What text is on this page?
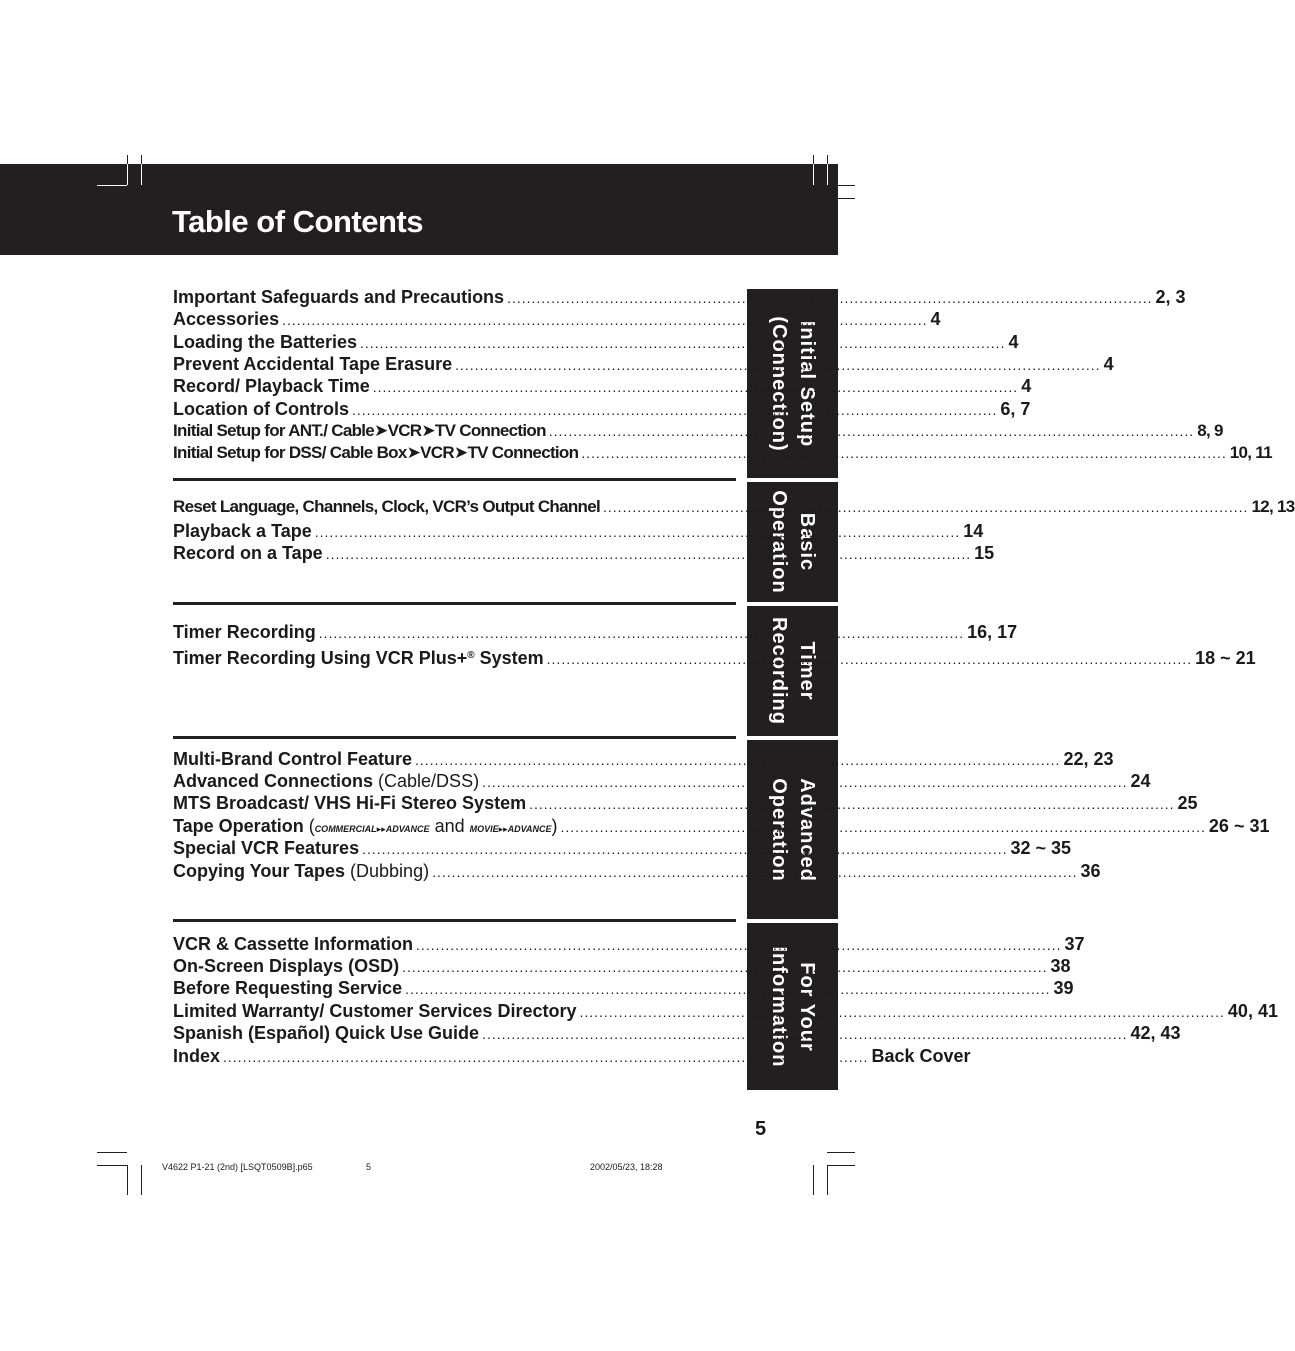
Table of Contents
Initial Setup
(Connection)
Basic
Operation
Timer
Recording
Advanced
Operation
For Your
Information
Important Safeguards and Precautions .................................................................................................................................... 2, 3
Accessories .................................................................................................................................... 4
Loading the Batteries .................................................................................................................................... 4
Prevent Accidental Tape Erasure .................................................................................................................................... 4
Record/ Playback Time .................................................................................................................................... 4
Location of Controls .................................................................................................................................... 6, 7
Initial Setup for ANT./ Cable➤VCR➤TV Connection .................................................................................................................................... 8, 9
Initial Setup for DSS/ Cable Box➤VCR➤TV Connection .................................................................................................................................... 10, 11
Reset Language, Channels, Clock, VCR’s Output Channel .................................................................................................................................... 12, 13
Playback a Tape .................................................................................................................................... 14
Record on a Tape .................................................................................................................................... 15
Timer Recording .................................................................................................................................... 16, 17
Timer Recording Using VCR Plus+® System .................................................................................................................................... 18 ~ 21
Multi-Brand Control Feature .................................................................................................................................... 22, 23
Advanced Connections (Cable/DSS) .................................................................................................................................... 24
MTS Broadcast/ VHS Hi-Fi Stereo System .................................................................................................................................... 25
Tape Operation (COMMERCIAL▸▸ADVANCE and MOVIE▸▸ADVANCE) .................................................................................................................................... 26 ~ 31
Special VCR Features .................................................................................................................................... 32 ~ 35
Copying Your Tapes (Dubbing) .................................................................................................................................... 36
VCR & Cassette Information .................................................................................................................................... 37
On-Screen Displays (OSD) .................................................................................................................................... 38
Before Requesting Service .................................................................................................................................... 39
Limited Warranty/ Customer Services Directory .................................................................................................................................... 40, 41
Spanish (Español) Quick Use Guide .................................................................................................................................... 42, 43
Index .................................................................................................................................... Back Cover
5
V4622 P1-21 (2nd) [LSQT0509B].p65	5	2002/05/23, 18:28
